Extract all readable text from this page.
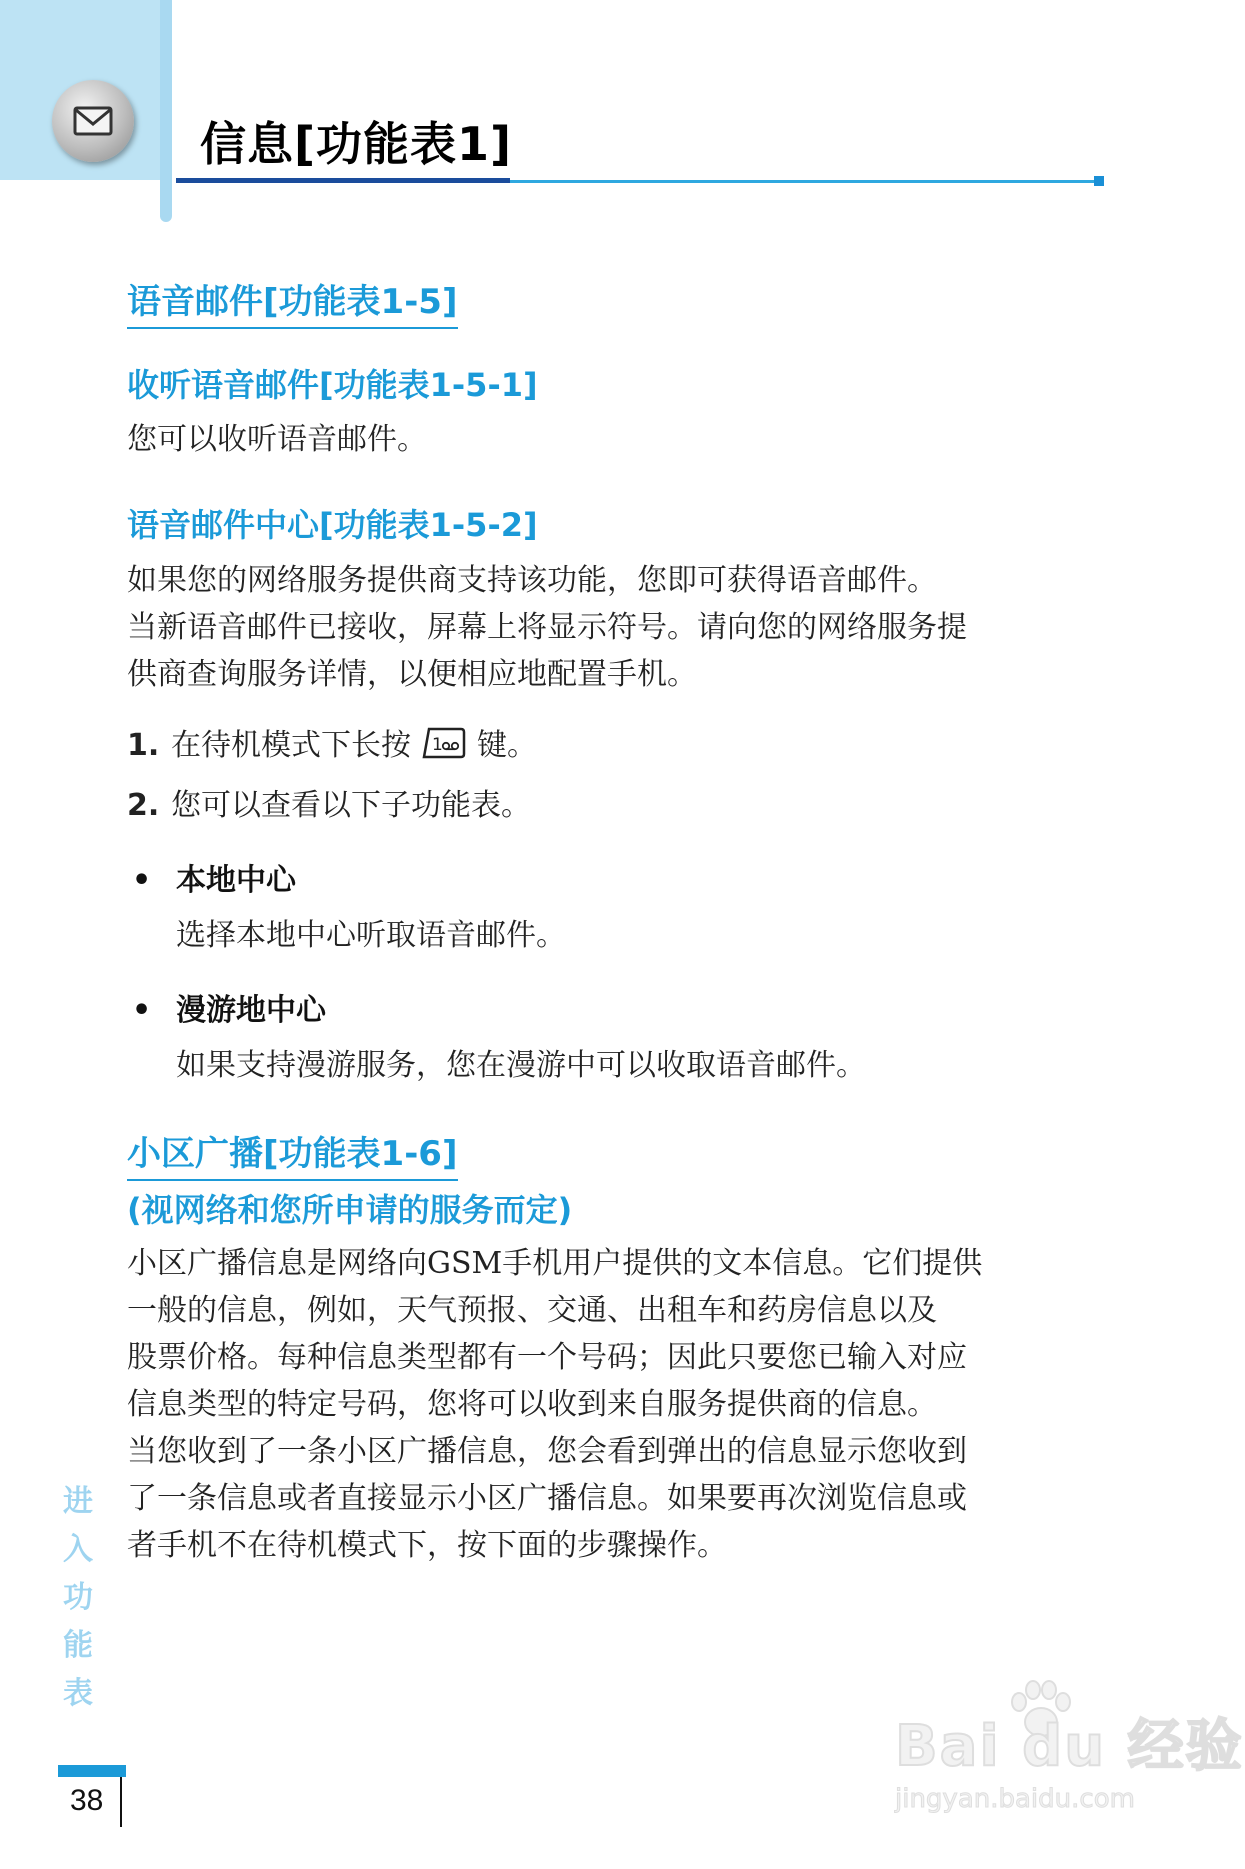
信息[功能表1]
语音邮件[功能表1-5]
收听语音邮件[功能表1-5-1]
您可以收听语音邮件。
语音邮件中心[功能表1-5-2]
如果您的网络服务提供商支持该功能，您即可获得语音邮件。
当新语音邮件已接收，屏幕上将显示符号。请向您的网络服务提
供商查询服务详情，以便相应地配置手机。
1. 在待机模式下长按 1 键。
2. 您可以查看以下子功能表。
• 本地中心
选择本地中心听取语音邮件。
• 漫游地中心
如果支持漫游服务，您在漫游中可以收取语音邮件。
小区广播[功能表1-6]
(视网络和您所申请的服务而定)
小区广播信息是网络向GSM手机用户提供的文本信息。它们提供
一般的信息，例如，天气预报、交通、出租车和药房信息以及
股票价格。每种信息类型都有一个号码；因此只要您已输入对应
信息类型的特定号码，您将可以收到来自服务提供商的信息。
当您收到了一条小区广播信息，您会看到弹出的信息显示您收到
了一条信息或者直接显示小区广播信息。如果要再次浏览信息或
者手机不在待机模式下，按下面的步骤操作。
进
入
功
能
表
38
Bai du 经验
jingyan.baidu.com
